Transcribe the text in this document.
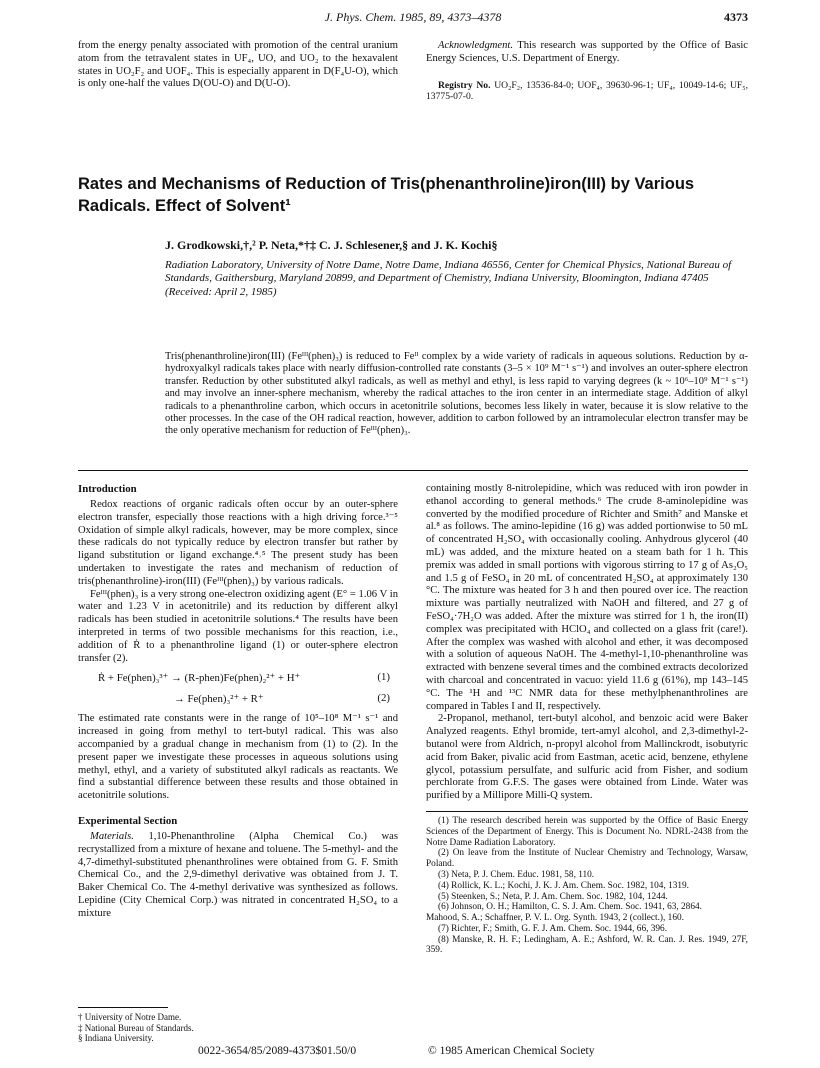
J. Phys. Chem. 1985, 89, 4373–4378	4373

from the energy penalty associated with promotion of the central uranium atom from the tetravalent states in UF₄, UO, and UO₂ to the hexavalent states in UO₂F₂ and UOF₄. This is especially apparent in D(F₄U-O), which is only one-half the values D(OU-O) and D(U-O).

Acknowledgment. This research was supported by the Office of Basic Energy Sciences, U.S. Department of Energy.

Registry No. UO₂F₂, 13536-84-0; UOF₄, 39630-96-1; UF₄, 10049-14-6; UF₅, 13775-07-0.

Rates and Mechanisms of Reduction of Tris(phenanthroline)iron(III) by Various Radicals. Effect of Solvent¹
J. Grodkowski,†,² P. Neta,*†‡ C. J. Schlesener,§ and J. K. Kochi§
Radiation Laboratory, University of Notre Dame, Notre Dame, Indiana 46556, Center for Chemical Physics, National Bureau of Standards, Gaithersburg, Maryland 20899, and Department of Chemistry, Indiana University, Bloomington, Indiana 47405 (Received: April 2, 1985)
Tris(phenanthroline)iron(III) (Feᴵᴵᴵ(phen)₃) is reduced to Feᴵᴵ complex by a wide variety of radicals in aqueous solutions. Reduction by α-hydroxyalkyl radicals takes place with nearly diffusion-controlled rate constants (3–5 × 10⁹ M⁻¹ s⁻¹) and involves an outer-sphere electron transfer. Reduction by other substituted alkyl radicals, as well as methyl and ethyl, is less rapid to varying degrees (k ~ 10⁶–10⁹ M⁻¹ s⁻¹) and may involve an inner-sphere mechanism, whereby the radical attaches to the iron center in an intermediate stage. Addition of alkyl radicals to a phenanthroline carbon, which occurs in acetonitrile solutions, becomes less likely in water, because it is slow relative to the other processes. In the case of the OH radical reaction, however, addition to carbon followed by an intramolecular electron transfer may be the only operative mechanism for reduction of Feᴵᴵᴵ(phen)₃.
Introduction

Redox reactions of organic radicals often occur by an outer-sphere electron transfer, especially those reactions with a high driving force.³⁻⁵ Oxidation of simple alkyl radicals, however, may be more complex, since these radicals do not typically reduce by electron transfer but rather by ligand substitution or ligand exchange.⁴˒⁵ The present study has been undertaken to investigate the rates and mechanism of reduction of tris(phenanthroline)-iron(III) (Feᴵᴵᴵ(phen)₃) by various radicals.

Feᴵᴵᴵ(phen)₃ is a very strong one-electron oxidizing agent (E° = 1.06 V in water and 1.23 V in acetonitrile) and its reduction by different alkyl radicals has been studied in acetonitrile solutions.⁴ The results have been interpreted in terms of two possible mechanisms for this reaction, i.e., addition of Ṙ to a phenanthroline ligand (1) or outer-sphere electron transfer (2).

Ṙ + Fe(phen)₃³⁺ → (R-phen)Fe(phen)₂²⁺ + H⁺	(1)
→ Fe(phen)₃²⁺ + R⁺	(2)

The estimated rate constants were in the range of 10⁵–10⁸ M⁻¹ s⁻¹ and increased in going from methyl to tert-butyl radical. This was also accompanied by a gradual change in mechanism from (1) to (2). In the present paper we investigate these processes in aqueous solutions using methyl, ethyl, and a variety of substituted alkyl radicals as reactants. We find a substantial difference between these results and those obtained in acetonitrile solutions.

Experimental Section

Materials. 1,10-Phenanthroline (Alpha Chemical Co.) was recrystallized from a mixture of hexane and toluene. The 5-methyl- and the 4,7-dimethyl-substituted phenanthrolines were obtained from G. F. Smith Chemical Co., and the 2,9-dimethyl derivative was obtained from J. T. Baker Chemical Co. The 4-methyl derivative was synthesized as follows. Lepidine (City Chemical Corp.) was nitrated in concentrated H₂SO₄ to a mixture

containing mostly 8-nitrolepidine, which was reduced with iron powder in ethanol according to general methods.⁶ The crude 8-aminolepidine was converted by the modified procedure of Richter and Smith⁷ and Manske et al.⁸ as follows. The amino-lepidine (16 g) was added portionwise to 50 mL of concentrated H₂SO₄ with occasionally cooling. Anhydrous glycerol (40 mL) was added, and the mixture heated on a steam bath for 1 h. This premix was added in small portions with vigorous stirring to 17 g of As₂O₅ and 1.5 g of FeSO₄ in 20 mL of concentrated H₂SO₄ at approximately 130 °C. The mixture was heated for 3 h and then poured over ice. The reaction mixture was partially neutralized with NaOH and filtered, and 27 g of FeSO₄·7H₂O was added. After the mixture was stirred for 1 h, the iron(II) complex was precipitated with HClO₄ and collected on a glass frit (care!). After the complex was washed with alcohol and ether, it was decomposed with a solution of aqueous NaOH. The 4-methyl-1,10-phenanthroline was extracted with benzene several times and the combined extracts decolorized with charcoal and concentrated in vacuo: yield 11.6 g (61%), mp 143–145 °C. The ¹H and ¹³C NMR data for these methylphenanthrolines are compared in Tables I and II, respectively.

2-Propanol, methanol, tert-butyl alcohol, and benzoic acid were Baker Analyzed reagents. Ethyl bromide, tert-amyl alcohol, and 2,3-dimethyl-2-butanol were from Aldrich, n-propyl alcohol from Mallinckrodt, isobutyric acid from Baker, pivalic acid from Eastman, acetic acid, benzene, ethylene glycol, potassium persulfate, and sulfuric acid from Fisher, and sodium perchlorate from G.F.S. The gases were obtained from Linde. Water was purified by a Millipore Milli-Q system.

(1) The research described herein was supported by the Office of Basic Energy Sciences of the Department of Energy. This is Document No. NDRL-2438 from the Notre Dame Radiation Laboratory.

(2) On leave from the Institute of Nuclear Chemistry and Technology, Warsaw, Poland.

(3) Neta, P. J. Chem. Educ. 1981, 58, 110.

(4) Rollick, K. L.; Kochi, J. K. J. Am. Chem. Soc. 1982, 104, 1319.

(5) Steenken, S.; Neta, P. J. Am. Chem. Soc. 1982, 104, 1244.

(6) Johnson, O. H.; Hamilton, C. S. J. Am. Chem. Soc. 1941, 63, 2864.

Mahood, S. A.; Schaffner, P. V. L. Org. Synth. 1943, 2 (collect.), 160.

(7) Richter, F.; Smith, G. F. J. Am. Chem. Soc. 1944, 66, 396.

(8) Manske, R. H. F.; Ledingham, A. E.; Ashford, W. R. Can. J. Res. 1949, 27F, 359.

† University of Notre Dame.
‡ National Bureau of Standards.
§ Indiana University.
0022-3654/85/2089-4373$01.50/0	© 1985 American Chemical Society
